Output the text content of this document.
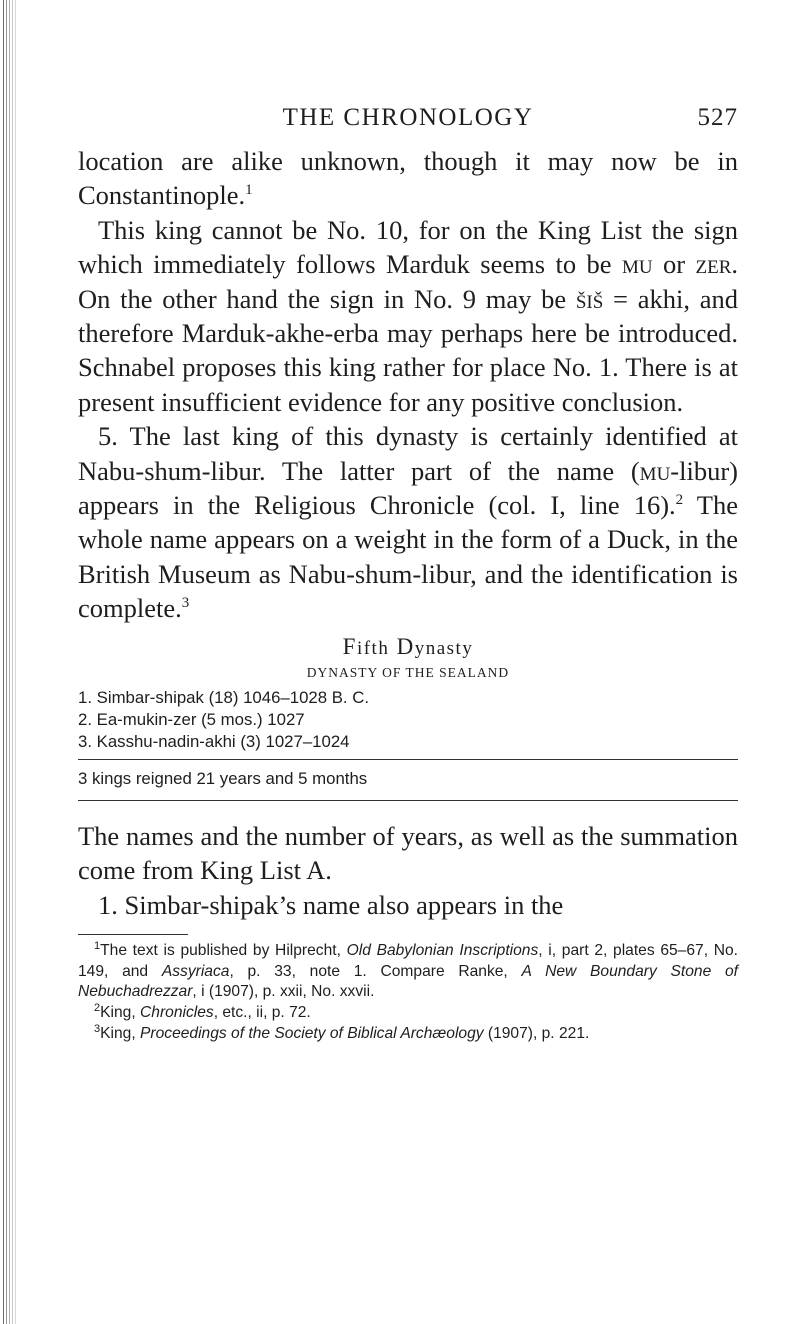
THE CHRONOLOGY	527

location are alike unknown, though it may now be in Constantinople.$^1$

This king cannot be No. 10, for on the King List the sign which immediately follows Marduk seems to be mu or zer. On the other hand the sign in No. 9 may be šiš = akhi, and therefore Marduk-akhe-erba may perhaps here be introduced. Schnabel proposes this king rather for place No. 1. There is at present insufficient evidence for any positive conclusion.

5. The last king of this dynasty is certainly identified at Nabu-shum-libur. The latter part of the name (mu-libur) appears in the Religious Chronicle (col. I, line 16).$^2$ The whole name appears on a weight in the form of a Duck, in the British Museum as Nabu-shum-libur, and the identification is complete.$^3$

Fifth Dynasty
DYNASTY OF THE SEALAND
1. Simbar-shipak (18) 1046–1028 B. C.
2. Ea-mukin-zer (5 mos.) 1027
3. Kasshu-nadin-akhi (3) 1027–1024
3 kings reigned 21 years and 5 months

The names and the number of years, as well as the summation come from King List A.

1. Simbar-shipak’s name also appears in the

$^1$The text is published by Hilprecht, Old Babylonian Inscriptions, i, part 2, plates 65–67, No. 149, and Assyriaca, p. 33, note 1. Compare Ranke, A New Boundary Stone of Nebuchadrezzar, i (1907), p. xxii, No. xxvii.
$^2$King, Chronicles, etc., ii, p. 72.
$^3$King, Proceedings of the Society of Biblical Archæology (1907), p. 221.
